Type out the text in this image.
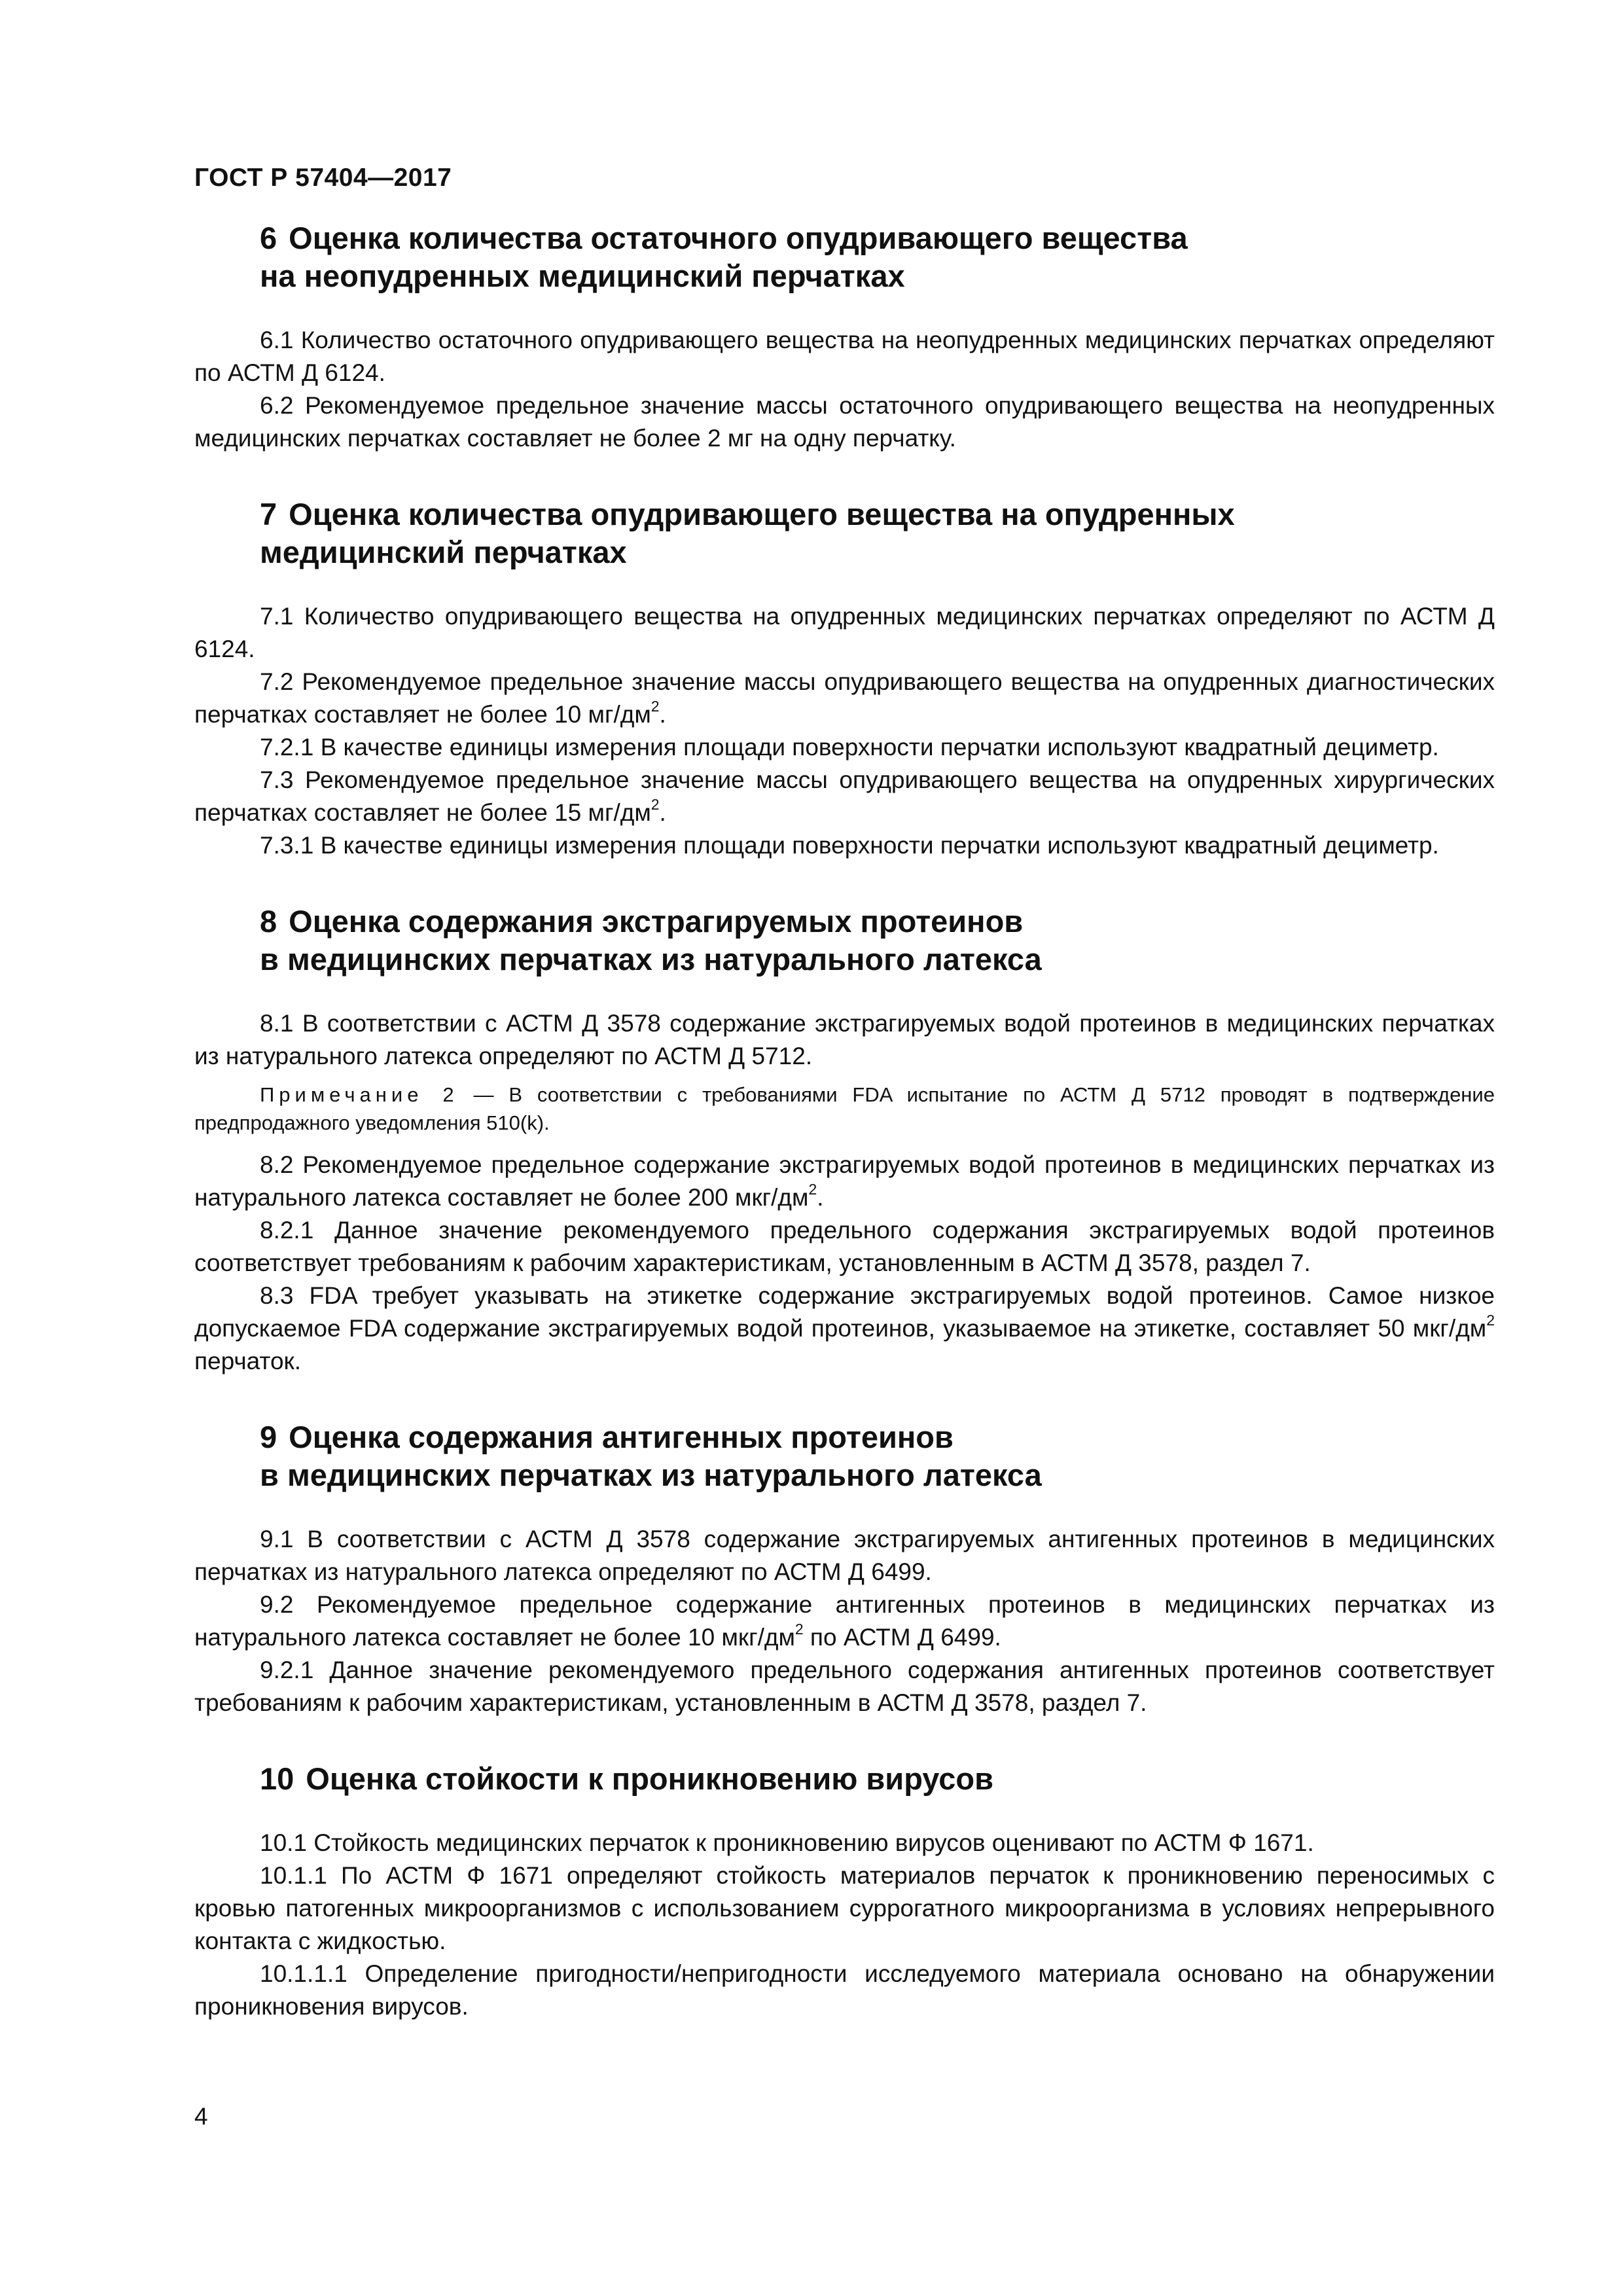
ГОСТ Р 57404—2017
6 Оценка количества остаточного опудривающего вещества
на неопудренных медицинский перчатках

6.1 Количество остаточного опудривающего вещества на неопудренных медицинских перчатках определяют по АСТМ Д 6124.

6.2 Рекомендуемое предельное значение массы остаточного опудривающего вещества на неопудренных медицинских перчатках составляет не более 2 мг на одну перчатку.

7 Оценка количества опудривающего вещества на опудренных
медицинский перчатках

7.1 Количество опудривающего вещества на опудренных медицинских перчатках определяют по АСТМ Д 6124.

7.2 Рекомендуемое предельное значение массы опудривающего вещества на опудренных диагностических перчатках составляет не более 10 $мг/дм^2$.

7.2.1 В качестве единицы измерения площади поверхности перчатки используют квадратный дециметр.

7.3 Рекомендуемое предельное значение массы опудривающего вещества на опудренных хирургических перчатках составляет не более 15 $мг/дм^2$.

7.3.1 В качестве единицы измерения площади поверхности перчатки используют квадратный дециметр.

8 Оценка содержания экстрагируемых протеинов
в медицинских перчатках из натурального латекса

8.1 В соответствии с АСТМ Д 3578 содержание экстрагируемых водой протеинов в медицинских перчатках из натурального латекса определяют по АСТМ Д 5712.

Примечание 2 — В соответствии с требованиями FDA испытание по АСТМ Д 5712 проводят в подтверждение предпродажного уведомления 510(k).

8.2 Рекомендуемое предельное содержание экстрагируемых водой протеинов в медицинских перчатках из натурального латекса составляет не более 200 мкг/$дм^2$.

8.2.1 Данное значение рекомендуемого предельного содержания экстрагируемых водой протеинов соответствует требованиям к рабочим характеристикам, установленным в АСТМ Д 3578, раздел 7.

8.3 FDA требует указывать на этикетке содержание экстрагируемых водой протеинов. Самое низкое допускаемое FDA содержание экстрагируемых водой протеинов, указываемое на этикетке, составляет 50 мкг/$дм^2$ перчаток.

9 Оценка содержания антигенных протеинов
в медицинских перчатках из натурального латекса

9.1 В соответствии с АСТМ Д 3578 содержание экстрагируемых антигенных протеинов в медицинских перчатках из натурального латекса определяют по АСТМ Д 6499.

9.2 Рекомендуемое предельное содержание антигенных протеинов в медицинских перчатках из натурального латекса составляет не более 10 мкг/$дм^2$ по АСТМ Д 6499.

9.2.1 Данное значение рекомендуемого предельного содержания антигенных протеинов соответствует требованиям к рабочим характеристикам, установленным в АСТМ Д 3578, раздел 7.

10 Оценка стойкости к проникновению вирусов

10.1 Стойкость медицинских перчаток к проникновению вирусов оценивают по АСТМ Ф 1671.

10.1.1 По АСТМ Ф 1671 определяют стойкость материалов перчаток к проникновению переносимых с кровью патогенных микроорганизмов с использованием суррогатного микроорганизма в условиях непрерывного контакта с жидкостью.

10.1.1.1 Определение пригодности/непригодности исследуемого материала основано на обнаружении проникновения вирусов.

4
